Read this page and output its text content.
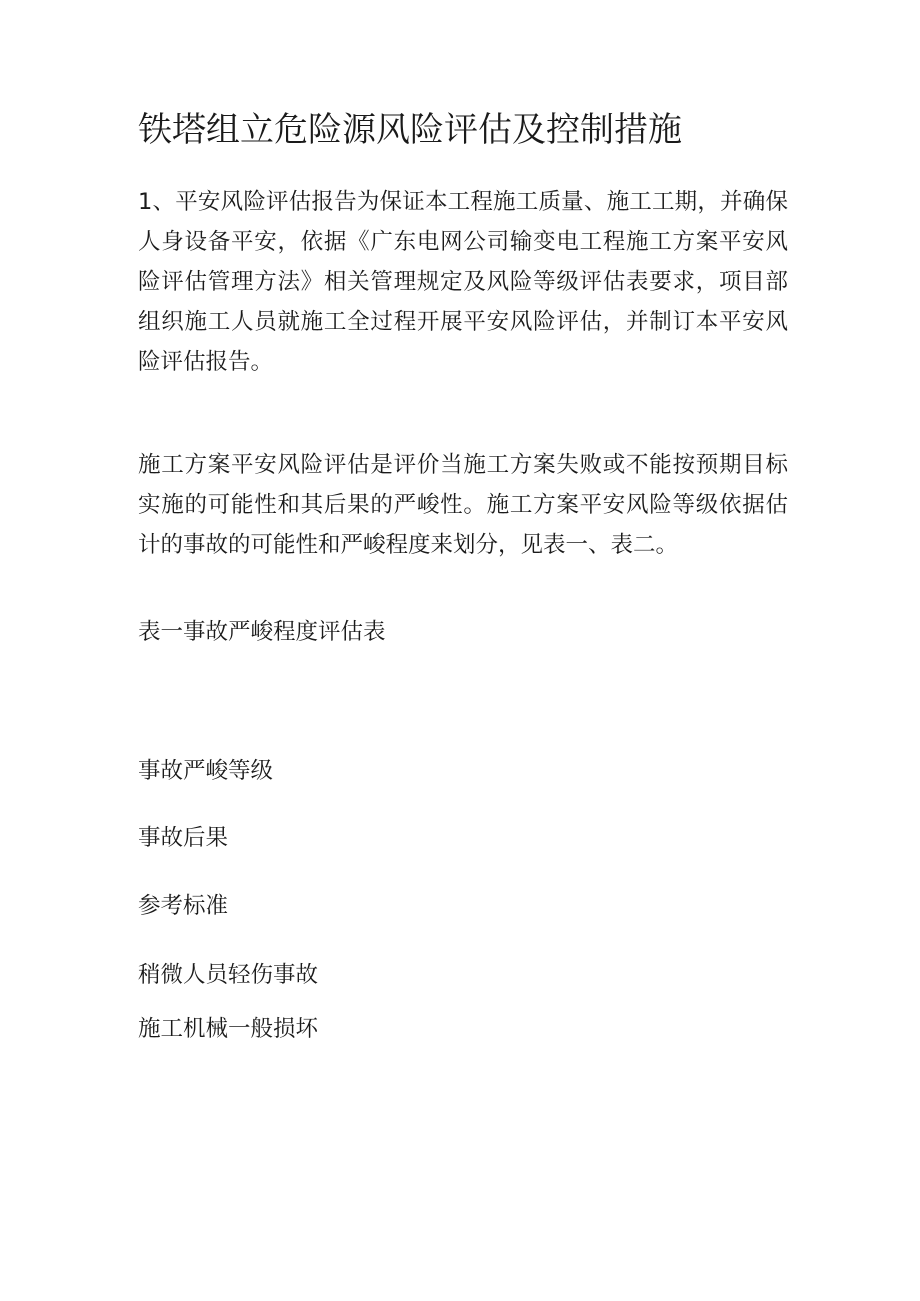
铁塔组立危险源风险评估及控制措施

1、平安风险评估报告为保证本工程施工质量、施工工期，并确保人身设备平安，依据《广东电网公司输变电工程施工方案平安风险评估管理方法》相关管理规定及风险等级评估表要求，项目部组织施工人员就施工全过程开展平安风险评估，并制订本平安风险评估报告。

施工方案平安风险评估是评价当施工方案失败或不能按预期目标实施的可能性和其后果的严峻性。施工方案平安风险等级依据估计的事故的可能性和严峻程度来划分，见表一、表二。

表一事故严峻程度评估表

事故严峻等级

事故后果

参考标准

稍微人员轻伤事故

施工机械一般损坏
